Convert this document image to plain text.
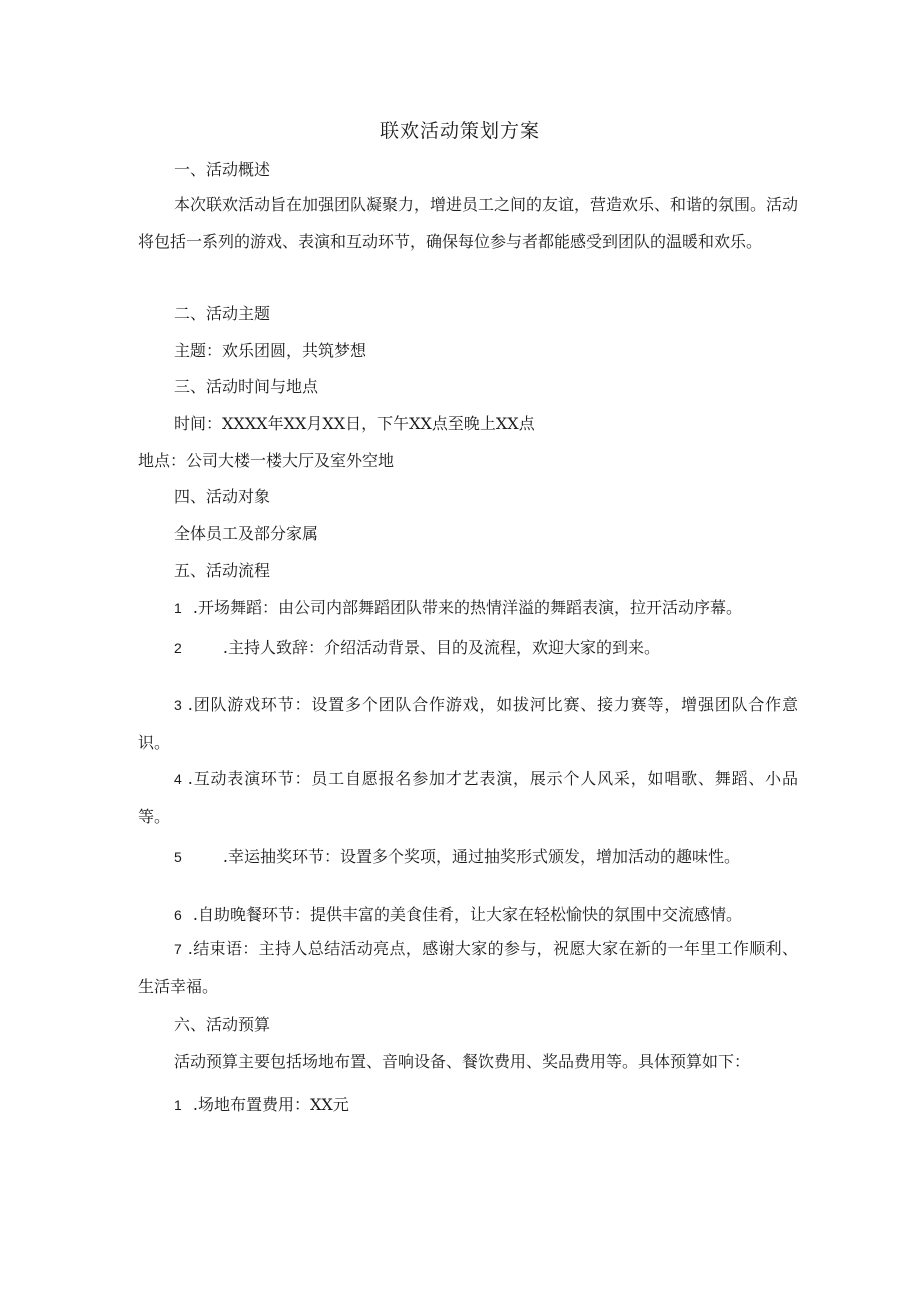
联欢活动策划方案
一、活动概述
本次联欢活动旨在加强团队凝聚力，增进员工之间的友谊，营造欢乐、和谐的氛围。活动将包括一系列的游戏、表演和互动环节，确保每位参与者都能感受到团队的温暖和欢乐。
二、活动主题
主题：欢乐团圆，共筑梦想
三、活动时间与地点
时间：XXXX年XX月XX日，下午XX点至晚上XX点
地点：公司大楼一楼大厅及室外空地
四、活动对象
全体员工及部分家属
五、活动流程
1 .开场舞蹈：由公司内部舞蹈团队带来的热情洋溢的舞蹈表演，拉开活动序幕。
2	.主持人致辞：介绍活动背景、目的及流程，欢迎大家的到来。
3 .团队游戏环节：设置多个团队合作游戏，如拔河比赛、接力赛等，增强团队合作意识。
4 .互动表演环节：员工自愿报名参加才艺表演，展示个人风采，如唱歌、舞蹈、小品等。
5	.幸运抽奖环节：设置多个奖项，通过抽奖形式颁发，增加活动的趣味性。
6 .自助晚餐环节：提供丰富的美食佳肴，让大家在轻松愉快的氛围中交流感情。
7 .结束语：主持人总结活动亮点，感谢大家的参与，祝愿大家在新的一年里工作顺利、生活幸福。
六、活动预算
活动预算主要包括场地布置、音响设备、餐饮费用、奖品费用等。具体预算如下：
1 .场地布置费用：XX元
